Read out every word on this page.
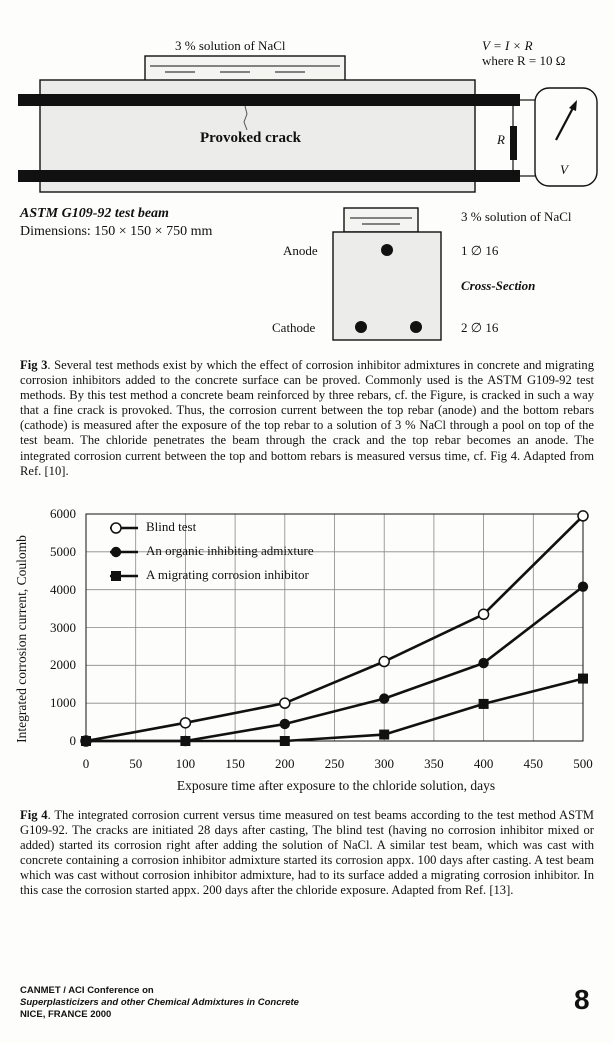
3 % solution of NaCl	V = I × R
where R = 10 Ω
Provoked crack	R
V
ASTM G109-92 test beam
Dimensions: 150 × 150 × 750 mm
Anode
Cathode
3 % solution of NaCl
1 ∅ 16
Cross-Section
2 ∅ 16
Fig 3. Several test methods exist by which the effect of corrosion inhibitor admixtures in concrete and migrating corrosion inhibitors added to the concrete surface can be proved. Commonly used is the ASTM G109-92 test methods. By this test method a concrete beam reinforced by three rebars, cf. the Figure, is cracked in such a way that a fine crack is provoked. Thus, the corrosion current between the top rebar (anode) and the bottom rebars (cathode) is measured after the exposure of the top rebar to a solution of 3 % NaCl through a pool on top of the test beam. The chloride penetrates the beam through the crack and the top rebar becomes an anode. The integrated corrosion current between the top and bottom rebars is measured versus time, cf. Fig 4. Adapted from Ref. [10].
Exposure time after exposure to the chloride solution, days
Integrated corrosion current, Coulomb
0	50	100	150	200	250	300	350	400	450	500
0
1000
2000
3000
4000
5000
6000
Blind test
An organic inhibiting admixture
A migrating corrosion inhibitor
Fig 4. The integrated corrosion current versus time measured on test beams according to the test method ASTM G109-92. The cracks are initiated 28 days after casting, The blind test (having no corrosion inhibitor mixed or added) started its corrosion right after adding the solution of NaCl. A similar test beam, which was cast with concrete containing a corrosion inhibitor admixture started its corrosion appx. 100 days after casting. A test beam which was cast without corrosion inhibitor admixture, had to its surface added a migrating corrosion inhibitor. In this case the corrosion started appx. 200 days after the chloride exposure. Adapted from Ref. [13].
CANMET / ACI Conference on
Superplasticizers and other Chemical Admixtures in Concrete
NICE, FRANCE 2000	8
